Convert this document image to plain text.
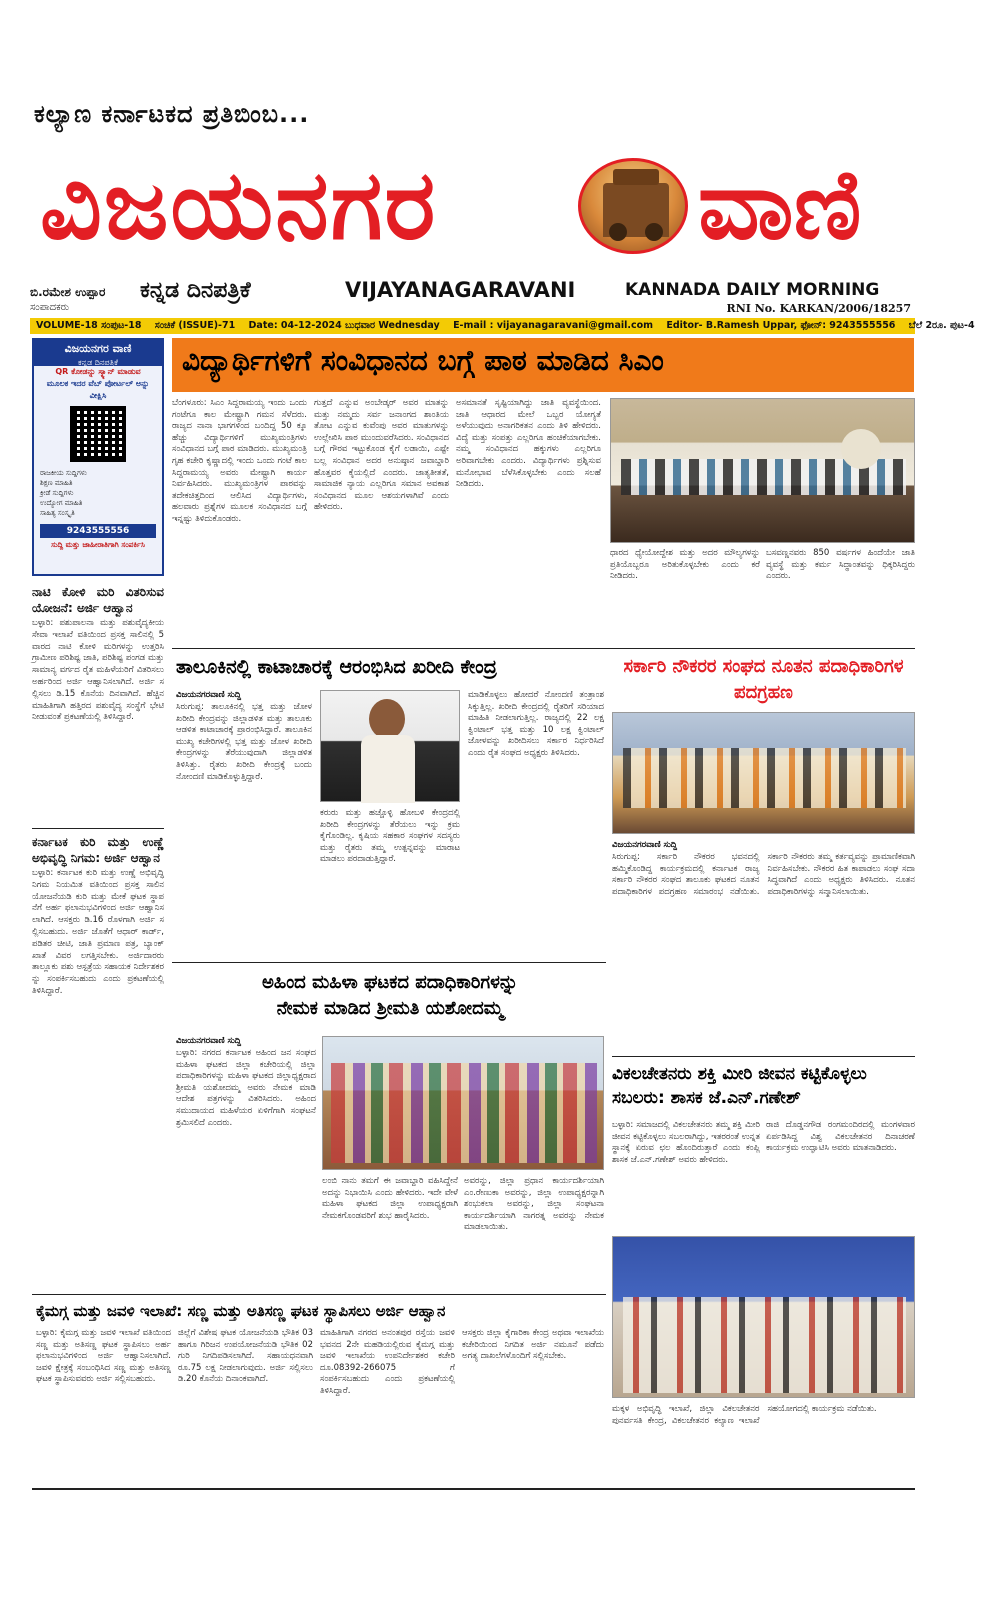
ಕಲ್ಯಾಣ ಕರ್ನಾಟಕದ ಪ್ರತಿಬಿಂಬ...
ವಿಜಯನಗರ	ವಾಣಿ
ಬಿ.ರಮೇಶ ಉಪ್ಪಾರ
ಸಂಪಾದಕರು
ಕನ್ನಡ ದಿನಪತ್ರಿಕೆ	VIJAYANAGARAVANI	KANNADA DAILY MORNING
RNI No. KARKAN/2006/18257
VOLUME-18 ಸಂಪುಟ-18 ಸಂಚಿಕೆ (ISSUE)-71 Date: 04-12-2024 ಬುಧವಾರ Wednesday E-mail : vijayanagaravani@gmail.com Editor- B.Ramesh Uppar, ಫೋನ್: 9243555556 ಬೆಲೆ 2ರೂ. ಪುಟ-4
ವಿಜಯನಗರ ವಾಣಿ
ಕನ್ನಡ ದಿನಪತ್ರಿಕೆ
QR ಕೋಡನ್ನು ಸ್ಕ್ಯಾನ್ ಮಾಡುವ
ಮೂಲಕ ಇದರ ವೆಬ್ ಪೋರ್ಟಲ್ ಅನ್ನು
ವೀಕ್ಷಿಸಿ
ರಾಜಕೀಯ ಸುದ್ದಿಗಳು
ಶಿಕ್ಷಣ ಮಾಹಿತಿ
ಕ್ರೀಡೆ ಸುದ್ದಿಗಳು
ಉದ್ಯೋಗ ಮಾಹಿತಿ
ಸಾಹಿತ್ಯ ಸಂಸ್ಕೃತಿ
9243555556
ಸುದ್ದಿ ಮತ್ತು ಜಾಹೀರಾತಿಗಾಗಿ ಸಂಪರ್ಕಿಸಿ
ನಾಟಿ ಕೋಳಿ ಮರಿ ವಿತರಿಸುವ ಯೋಜನೆ: ಅರ್ಜಿ ಆಹ್ವಾನ
ಬಳ್ಳಾರಿ: ಪಶುಪಾಲನಾ ಮತ್ತು ಪಶುವೈದ್ಯಕೀಯ ಸೇವಾ ಇಲಾಖೆ ವತಿಯಿಂದ ಪ್ರಸಕ್ತ ಸಾಲಿನಲ್ಲಿ 5 ವಾರದ ನಾಟಿ ಕೋಳಿ ಮರಿಗಳನ್ನು ಉತ್ತರಿಸಿ ಗ್ರಾಮೀಣ ಪರಿಶಿಷ್ಟ ಜಾತಿ, ಪರಿಶಿಷ್ಟ ಪಂಗಡ ಮತ್ತು ಸಾಮಾನ್ಯ ವರ್ಗದ ರೈತ ಮಹಿಳೆಯರಿಗೆ ವಿತರಿಸಲು ಅರ್ಹರಿಂದ ಅರ್ಜಿ ಆಹ್ವಾನಿಸಲಾಗಿದೆ. ಅರ್ಜಿ ಸಲ್ಲಿಸಲು ಡಿ.15 ಕೊನೆಯ ದಿನವಾಗಿದೆ. ಹೆಚ್ಚಿನ ಮಾಹಿತಿಗಾಗಿ ಹತ್ತಿರದ ಪಶುವೈದ್ಯ ಸಂಸ್ಥೆಗೆ ಭೇಟಿ ನೀಡುವಂತೆ ಪ್ರಕಟಣೆಯಲ್ಲಿ ತಿಳಿಸಿದ್ದಾರೆ.
ಕರ್ನಾಟಕ ಕುರಿ ಮತ್ತು ಉಣ್ಣೆ ಅಭಿವೃದ್ಧಿ ನಿಗಮ: ಅರ್ಜಿ ಆಹ್ವಾನ
ಬಳ್ಳಾರಿ: ಕರ್ನಾಟಕ ಕುರಿ ಮತ್ತು ಉಣ್ಣೆ ಅಭಿವೃದ್ಧಿ ನಿಗಮ ನಿಯಮಿತ ವತಿಯಿಂದ ಪ್ರಸಕ್ತ ಸಾಲಿನ ಯೋಜನೆಯಡಿ ಕುರಿ ಮತ್ತು ಮೇಕೆ ಘಟಕ ಸ್ಥಾಪನೆಗೆ ಅರ್ಹ ಫಲಾನುಭವಿಗಳಿಂದ ಅರ್ಜಿ ಆಹ್ವಾನಿಸಲಾಗಿದೆ. ಆಸಕ್ತರು ಡಿ.16 ರೊಳಗಾಗಿ ಅರ್ಜಿ ಸಲ್ಲಿಸಬಹುದು. ಅರ್ಜಿ ಜೊತೆಗೆ ಆಧಾರ್ ಕಾರ್ಡ್, ಪಡಿತರ ಚೀಟಿ, ಜಾತಿ ಪ್ರಮಾಣ ಪತ್ರ, ಬ್ಯಾಂಕ್ ಖಾತೆ ವಿವರ ಲಗತ್ತಿಸಬೇಕು. ಅರ್ಜಿದಾರರು ತಾಲ್ಲೂಕು ಪಶು ಆಸ್ಪತ್ರೆಯ ಸಹಾಯಕ ನಿರ್ದೇಶಕರನ್ನು ಸಂಪರ್ಕಿಸಬಹುದು ಎಂದು ಪ್ರಕಟಣೆಯಲ್ಲಿ ತಿಳಿಸಿದ್ದಾರೆ.
ವಿದ್ಯಾರ್ಥಿಗಳಿಗೆ ಸಂವಿಧಾನದ ಬಗ್ಗೆ ಪಾಠ ಮಾಡಿದ ಸಿಎಂ
ಬೆಂಗಳೂರು: ಸಿಎಂ ಸಿದ್ದರಾಮಯ್ಯ ಇಂದು ಒಂದು ಗಂಟೆಗೂ ಕಾಲ ಮೇಷ್ಟ್ರಾಗಿ ಗಮನ ಸೆಳೆದರು. ರಾಜ್ಯದ ನಾನಾ ಭಾಗಗಳಿಂದ ಬಂದಿದ್ದ 50 ಕ್ಕೂ ಹೆಚ್ಚು ವಿದ್ಯಾರ್ಥಿಗಳಿಗೆ ಮುಖ್ಯಮಂತ್ರಿಗಳು ಸಂವಿಧಾನದ ಬಗ್ಗೆ ಪಾಠ ಮಾಡಿದರು. ಮುಖ್ಯಮಂತ್ರಿ ಗೃಹ ಕಚೇರಿ ಕೃಷ್ಣಾದಲ್ಲಿ ಇಂದು ಒಂದು ಗಂಟೆ ಕಾಲ ಸಿದ್ದರಾಮಯ್ಯ ಅವರು ಮೇಷ್ಟ್ರಾಗಿ ಕಾರ್ಯ ನಿರ್ವಹಿಸಿದರು. ಮುಖ್ಯಮಂತ್ರಿಗಳ ಪಾಠವನ್ನು ತದೇಕಚಿತ್ತದಿಂದ ಆಲಿಸಿದ ವಿದ್ಯಾರ್ಥಿಗಳು, ಹಲವಾರು ಪ್ರಶ್ನೆಗಳ ಮೂಲಕ ಸಂವಿಧಾನದ ಬಗ್ಗೆ ಇನ್ನಷ್ಟು ತಿಳಿದುಕೊಂಡರು.
ಗುತ್ತದೆ ಎನ್ನುವ ಅಂಬೇಡ್ಕರ್ ಅವರ ಮಾತನ್ನು ಮತ್ತು ನಮ್ಮದು ಸರ್ವ ಜನಾಂಗದ ಶಾಂತಿಯ ತೋಟ ಎನ್ನುವ ಕುವೆಂಪು ಅವರ ಮಾತುಗಳನ್ನು ಉಲ್ಲೇಖಿಸಿ ಪಾಠ ಮುಂದುವರೆಸಿದರು. ಸಂವಿಧಾನದ ಬಗ್ಗೆ ಗೌರವ ಇಟ್ಟುಕೊಂಡ ಕೈಗೆ ಲಡಾಯಿ, ಎಷ್ಟೇ ಬಲ್ಲ ಸಂವಿಧಾನ ಅದರ ಅನುಷ್ಠಾನ ಜವಾಬ್ದಾರಿ ಹೊತ್ತವರ ಕೈಯಲ್ಲಿದೆ ಎಂದರು. ಜಾತ್ಯತೀತತೆ, ಸಾಮಾಜಿಕ ನ್ಯಾಯ ಎಲ್ಲರಿಗೂ ಸಮಾನ ಅವಕಾಶ ಸಂವಿಧಾನದ ಮೂಲ ಆಶಯಗಳಾಗಿವೆ ಎಂದು ಹೇಳಿದರು.
ಅಸಮಾನತೆ ಸೃಷ್ಟಿಯಾಗಿದ್ದು ಜಾತಿ ವ್ಯವಸ್ಥೆಯಿಂದ. ಜಾತಿ ಆಧಾರದ ಮೇಲೆ ಒಬ್ಬರ ಯೋಗ್ಯತೆ ಅಳೆಯುವುದು ಅನಾಗರಿಕತನ ಎಂದು ತಿಳಿ ಹೇಳಿದರು. ವಿದ್ಯೆ ಮತ್ತು ಸಂಪತ್ತು ಎಲ್ಲರಿಗೂ ಹಂಚಿಕೆಯಾಗಬೇಕು. ನಮ್ಮ ಸಂವಿಧಾನದ ಹಕ್ಕುಗಳು ಎಲ್ಲರಿಗೂ ಅರಿವಾಗಬೇಕು ಎಂದರು. ವಿದ್ಯಾರ್ಥಿಗಳು ಪ್ರಶ್ನಿಸುವ ಮನೋಭಾವ ಬೆಳೆಸಿಕೊಳ್ಳಬೇಕು ಎಂದು ಸಲಹೆ ನೀಡಿದರು.
ಧಾರದ ಧ್ಯೇಯೋದ್ದೇಶ ಮತ್ತು ಅದರ ಮೌಲ್ಯಗಳನ್ನು ಪ್ರತಿಯೊಬ್ಬರೂ ಅರಿತುಕೊಳ್ಳಬೇಕು ಎಂದು ಕರೆ ನೀಡಿದರು.
ಬಸವಣ್ಣನವರು 850 ವರ್ಷಗಳ ಹಿಂದೆಯೇ ಜಾತಿ ವ್ಯವಸ್ಥೆ ಮತ್ತು ಕರ್ಮ ಸಿದ್ಧಾಂತವನ್ನು ಧಿಕ್ಕರಿಸಿದ್ದರು ಎಂದರು.
ತಾಲೂಕಿನಲ್ಲಿ ಕಾಟಾಚಾರಕ್ಕೆ ಆರಂಭಿಸಿದ ಖರೀದಿ ಕೇಂದ್ರ
ವಿಜಯನಗರವಾಣಿ ಸುದ್ದಿ
ಸಿರುಗುಪ್ಪ: ತಾಲೂಕಿನಲ್ಲಿ ಭತ್ತ ಮತ್ತು ಜೋಳ ಖರೀದಿ ಕೇಂದ್ರವನ್ನು ಜಿಲ್ಲಾಡಳಿತ ಮತ್ತು ತಾಲೂಕು ಆಡಳಿತ ಕಾಟಾಚಾರಕ್ಕೆ ಪ್ರಾರಂಭಿಸಿದ್ದಾರೆ. ತಾಲೂಕಿನ ಮುಖ್ಯ ಕಚೇರಿಗಳಲ್ಲಿ ಭತ್ತ ಮತ್ತು ಜೋಳ ಖರೀದಿ ಕೇಂದ್ರಗಳನ್ನು ತೆರೆಯುವುದಾಗಿ ಜಿಲ್ಲಾಡಳಿತ ತಿಳಿಸಿತ್ತು. ರೈತರು ಖರೀದಿ ಕೇಂದ್ರಕ್ಕೆ ಬಂದು ನೋಂದಣಿ ಮಾಡಿಕೊಳ್ಳುತ್ತಿದ್ದಾರೆ.
ಕರುರು ಮತ್ತು ಹಚ್ಚೊಳ್ಳಿ ಹೋಬಳಿ ಕೇಂದ್ರದಲ್ಲಿ ಖರೀದಿ ಕೇಂದ್ರಗಳನ್ನು ತೆರೆಯಲು ಇನ್ನು ಕ್ರಮ ಕೈಗೊಂಡಿಲ್ಲ. ಕೃಷಿಯ ಸಹಕಾರ ಸಂಘಗಳ ಸದಸ್ಯರು ಮತ್ತು ರೈತರು ತಮ್ಮ ಉತ್ಪನ್ನವನ್ನು ಮಾರಾಟ ಮಾಡಲು ಪರದಾಡುತ್ತಿದ್ದಾರೆ.
ಮಾಡಿಕೊಳ್ಳಲು ಹೋದರೆ ನೋಂದಣಿ ತಂತ್ರಾಂಶ ಸಿಕ್ಕುತ್ತಿಲ್ಲ. ಖರೀದಿ ಕೇಂದ್ರದಲ್ಲಿ ರೈತರಿಗೆ ಸರಿಯಾದ ಮಾಹಿತಿ ನೀಡಲಾಗುತ್ತಿಲ್ಲ. ರಾಜ್ಯದಲ್ಲಿ 22 ಲಕ್ಷ ಕ್ವಿಂಟಾಲ್ ಭತ್ತ ಮತ್ತು 10 ಲಕ್ಷ ಕ್ವಿಂಟಾಲ್ ಜೋಳವನ್ನು ಖರೀದಿಸಲು ಸರ್ಕಾರ ನಿರ್ಧರಿಸಿದೆ ಎಂದು ರೈತ ಸಂಘದ ಅಧ್ಯಕ್ಷರು ತಿಳಿಸಿದರು.
ಸರ್ಕಾರಿ ನೌಕರರ ಸಂಘದ ನೂತನ ಪದಾಧಿಕಾರಿಗಳ ಪದಗ್ರಹಣ
ವಿಜಯನಗರವಾಣಿ ಸುದ್ದಿ
ಸಿರುಗುಪ್ಪ: ಸರ್ಕಾರಿ ನೌಕರರ ಭವನದಲ್ಲಿ ಹಮ್ಮಿಕೊಂಡಿದ್ದ ಕಾರ್ಯಕ್ರಮದಲ್ಲಿ ಕರ್ನಾಟಕ ರಾಜ್ಯ ಸರ್ಕಾರಿ ನೌಕರರ ಸಂಘದ ತಾಲೂಕು ಘಟಕದ ನೂತನ ಪದಾಧಿಕಾರಿಗಳ ಪದಗ್ರಹಣ ಸಮಾರಂಭ ನಡೆಯಿತು. ಸರ್ಕಾರಿ ನೌಕರರು ತಮ್ಮ ಕರ್ತವ್ಯವನ್ನು ಪ್ರಾಮಾಣಿಕವಾಗಿ ನಿರ್ವಹಿಸಬೇಕು. ನೌಕರರ ಹಿತ ಕಾಪಾಡಲು ಸಂಘ ಸದಾ ಸಿದ್ಧವಾಗಿದೆ ಎಂದು ಅಧ್ಯಕ್ಷರು ತಿಳಿಸಿದರು. ನೂತನ ಪದಾಧಿಕಾರಿಗಳನ್ನು ಸನ್ಮಾನಿಸಲಾಯಿತು.
ಅಹಿಂದ ಮಹಿಳಾ ಘಟಕದ ಪದಾಧಿಕಾರಿಗಳನ್ನು
ನೇಮಕ ಮಾಡಿದ ಶ್ರೀಮತಿ ಯಶೋದಮ್ಮ
ವಿಜಯನಗರವಾಣಿ ಸುದ್ದಿ
ಬಳ್ಳಾರಿ: ನಗರದ ಕರ್ನಾಟಕ ಅಹಿಂದ ಜನ ಸಂಘದ ಮಹಿಳಾ ಘಟಕದ ಜಿಲ್ಲಾ ಕಚೇರಿಯಲ್ಲಿ ಜಿಲ್ಲಾ ಪದಾಧಿಕಾರಿಗಳನ್ನು ಮಹಿಳಾ ಘಟಕದ ಜಿಲ್ಲಾಧ್ಯಕ್ಷರಾದ ಶ್ರೀಮತಿ ಯಶೋದಮ್ಮ ಅವರು ನೇಮಕ ಮಾಡಿ ಆದೇಶ ಪತ್ರಗಳನ್ನು ವಿತರಿಸಿದರು. ಅಹಿಂದ ಸಮುದಾಯದ ಮಹಿಳೆಯರ ಏಳಿಗೆಗಾಗಿ ಸಂಘಟನೆ ಶ್ರಮಿಸಲಿದೆ ಎಂದರು.
ಲಂಬಿ ನಾನು ತಮಗೆ ಈ ಜವಾಬ್ದಾರಿ ವಹಿಸಿದ್ದೇನೆ ಅದನ್ನು ನಿಭಾಯಿಸಿ ಎಂದು ಹೇಳಿದರು. ಇದೇ ವೇಳೆ ಮಹಿಳಾ ಘಟಕದ ಜಿಲ್ಲಾ ಉಪಾಧ್ಯಕ್ಷರಾಗಿ ನೇಮಕಗೊಂಡವರಿಗೆ ಶುಭ ಹಾರೈಸಿದರು.
ಅವರನ್ನು, ಜಿಲ್ಲಾ ಪ್ರಧಾನ ಕಾರ್ಯದರ್ಶಿಯಾಗಿ ಎಂ.ರೇಣುಕಾ ಅವರನ್ನು, ಜಿಲ್ಲಾ ಉಪಾಧ್ಯಕ್ಷರನ್ನಾಗಿ ಶಂಭುಕಲಾ ಅವರನ್ನು, ಜಿಲ್ಲಾ ಸಂಘಟನಾ ಕಾರ್ಯದರ್ಶಿಯಾಗಿ ನಾಗರತ್ನ ಅವರನ್ನು ನೇಮಕ ಮಾಡಲಾಯಿತು.
ವಿಕಲಚೇತನರು ಶಕ್ತಿ ಮೀರಿ ಜೀವನ ಕಟ್ಟಿಕೊಳ್ಳಲು
ಸಬಲರು: ಶಾಸಕ ಜೆ.ಎನ್.ಗಣೇಶ್
ಬಳ್ಳಾರಿ: ಸಮಾಜದಲ್ಲಿ ವಿಕಲಚೇತನರು ತಮ್ಮ ಶಕ್ತಿ ಮೀರಿ ಜೀವನ ಕಟ್ಟಿಕೊಳ್ಳಲು ಸಬಲರಾಗಿದ್ದು, ಇತರರಂತೆ ಉನ್ನತ ಸ್ಥಾನಕ್ಕೆ ಏರುವ ಛಲ ಹೊಂದಿರುತ್ತಾರೆ ಎಂದು ಕಂಪ್ಲಿ ಶಾಸಕ ಜೆ.ಎನ್.ಗಣೇಶ್ ಅವರು ಹೇಳಿದರು.
ರಾಜಿ ದೊಡ್ಡನಗೌಡ ರಂಗಮಂದಿರದಲ್ಲಿ ಮಂಗಳವಾರ ಏರ್ಪಡಿಸಿದ್ದ ವಿಶ್ವ ವಿಕಲಚೇತನರ ದಿನಾಚರಣೆ ಕಾರ್ಯಕ್ರಮ ಉದ್ಘಾಟಿಸಿ ಅವರು ಮಾತನಾಡಿದರು.
ಮಕ್ಕಳ ಅಭಿವೃದ್ಧಿ ಇಲಾಖೆ, ಜಿಲ್ಲಾ ವಿಕಲಚೇತನರ ಪುನರ್ವಸತಿ ಕೇಂದ್ರ, ವಿಕಲಚೇತನರ ಕಲ್ಯಾಣ ಇಲಾಖೆ ಸಹಯೋಗದಲ್ಲಿ ಕಾರ್ಯಕ್ರಮ ನಡೆಯಿತು.
ಕೈಮಗ್ಗ ಮತ್ತು ಜವಳಿ ಇಲಾಖೆ: ಸಣ್ಣ ಮತ್ತು ಅತಿಸಣ್ಣ ಘಟಕ ಸ್ಥಾಪಿಸಲು ಅರ್ಜಿ ಆಹ್ವಾನ
ಬಳ್ಳಾರಿ: ಕೈಮಗ್ಗ ಮತ್ತು ಜವಳಿ ಇಲಾಖೆ ವತಿಯಿಂದ ಸಣ್ಣ ಮತ್ತು ಅತಿಸಣ್ಣ ಘಟಕ ಸ್ಥಾಪಿಸಲು ಅರ್ಹ ಫಲಾನುಭವಿಗಳಿಂದ ಅರ್ಜಿ ಆಹ್ವಾನಿಸಲಾಗಿದೆ. ಜವಳಿ ಕ್ಷೇತ್ರಕ್ಕೆ ಸಂಬಂಧಿಸಿದ ಸಣ್ಣ ಮತ್ತು ಅತಿಸಣ್ಣ ಘಟಕ ಸ್ಥಾಪಿಸುವವರು ಅರ್ಜಿ ಸಲ್ಲಿಸಬಹುದು.
ಜಿಲ್ಲೆಗೆ ವಿಶೇಷ ಘಟಕ ಯೋಜನೆಯಡಿ ಭೌತಿಕ 03 ಹಾಗೂ ಗಿರಿಜನ ಉಪಯೋಜನೆಯಡಿ ಭೌತಿಕ 02 ಗುರಿ ನಿಗದಿಪಡಿಸಲಾಗಿದೆ. ಸಹಾಯಧನವಾಗಿ ರೂ.75 ಲಕ್ಷ ನೀಡಲಾಗುವುದು. ಅರ್ಜಿ ಸಲ್ಲಿಸಲು ಡಿ.20 ಕೊನೆಯ ದಿನಾಂಕವಾಗಿದೆ.
ಮಾಹಿತಿಗಾಗಿ ನಗರದ ಅನಂತಪುರ ರಸ್ತೆಯ ಜವಳಿ ಭವನದ 2ನೇ ಮಹಡಿಯಲ್ಲಿರುವ ಕೈಮಗ್ಗ ಮತ್ತು ಜವಳಿ ಇಲಾಖೆಯ ಉಪನಿರ್ದೇಶಕರ ಕಚೇರಿ ದೂ.08392-266075 ಗೆ ಸಂಪರ್ಕಿಸಬಹುದು ಎಂದು ಪ್ರಕಟಣೆಯಲ್ಲಿ ತಿಳಿಸಿದ್ದಾರೆ.
ಆಸಕ್ತರು ಜಿಲ್ಲಾ ಕೈಗಾರಿಕಾ ಕೇಂದ್ರ ಅಥವಾ ಇಲಾಖೆಯ ಕಚೇರಿಯಿಂದ ನಿಗದಿತ ಅರ್ಜಿ ನಮೂನೆ ಪಡೆದು ಅಗತ್ಯ ದಾಖಲೆಗಳೊಂದಿಗೆ ಸಲ್ಲಿಸಬೇಕು.
